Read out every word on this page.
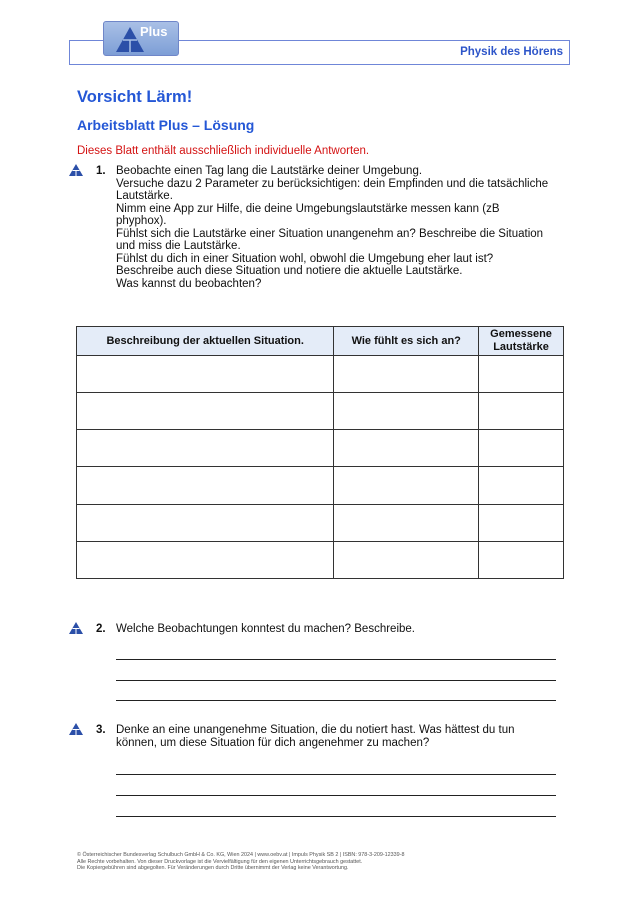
Plus
Physik des Hörens
Vorsicht Lärm!
Arbeitsblatt Plus – Lösung
Dieses Blatt enthält ausschließlich individuelle Antworten.
1. Beobachte einen Tag lang die Lautstärke deiner Umgebung.
Versuche dazu 2 Parameter zu berücksichtigen: dein Empfinden und die tatsächliche
Lautstärke.
Nimm eine App zur Hilfe, die deine Umgebungslautstärke messen kann (zB
phyphox).
Fühlst sich die Lautstärke einer Situation unangenehm an? Beschreibe die Situation
und miss die Lautstärke.
Fühlst du dich in einer Situation wohl, obwohl die Umgebung eher laut ist?
Beschreibe auch diese Situation und notiere die aktuelle Lautstärke.
Was kannst du beobachten?
Beschreibung der aktuellen Situation.	Wie fühlt es sich an?	Gemessene Lautstärke

2. Welche Beobachtungen konntest du machen? Beschreibe.
3. Denke an eine unangenehme Situation, die du notiert hast. Was hättest du tun
können, um diese Situation für dich angenehmer zu machen?
© Österreichischer Bundesverlag Schulbuch GmbH & Co. KG, Wien 2024 | www.oebv.at | Impuls Physik SB 2 | ISBN: 978-3-209-12339-8
Alle Rechte vorbehalten. Von dieser Druckvorlage ist die Vervielfältigung für den eigenen Unterrichtsgebrauch gestattet.
Die Kopiergebühren sind abgegolten. Für Veränderungen durch Dritte übernimmt der Verlag keine Verantwortung.
